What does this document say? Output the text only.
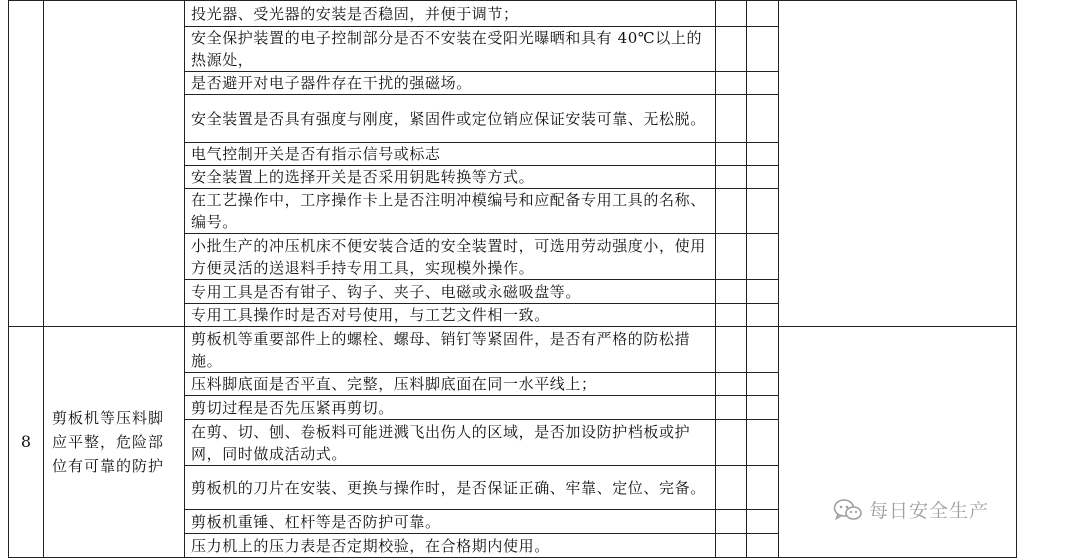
		投光器、受光器的安装是否稳固，并便于调节；			
		安全保护装置的电子控制部分是否不安装在受阳光曝晒和具有 40℃以上的热源处，			
		是否避开对电子器件存在干扰的强磁场。			
		安全装置是否具有强度与刚度，紧固件或定位销应保证安装可靠、无松脱。			
		电气控制开关是否有指示信号或标志			
		安全装置上的选择开关是否采用钥匙转换等方式。			
		在工艺操作中，工序操作卡上是否注明冲模编号和应配备专用工具的名称、编号。			
		小批生产的冲压机床不便安装合适的安全装置时，可选用劳动强度小，使用方便灵活的送退料手持专用工具，实现模外操作。			
		专用工具是否有钳子、钩子、夹子、电磁或永磁吸盘等。			
		专用工具操作时是否对号使用，与工艺文件相一致。			
8	剪板机等压料脚应平整，危险部位有可靠的防护	剪板机等重要部件上的螺栓、螺母、销钉等紧固件，是否有严格的防松措施。			
		压料脚底面是否平直、完整，压料脚底面在同一水平线上；			
		剪切过程是否先压紧再剪切。			
		在剪、切、刨、卷板料可能迸溅飞出伤人的区域，是否加设防护档板或护网，同时做成活动式。			
		剪板机的刀片在安装、更换与操作时，是否保证正确、牢靠、定位、完备。			
		剪板机重锤、杠杆等是否防护可靠。			
		压力机上的压力表是否定期校验，在合格期内使用。			
每日安全生产
